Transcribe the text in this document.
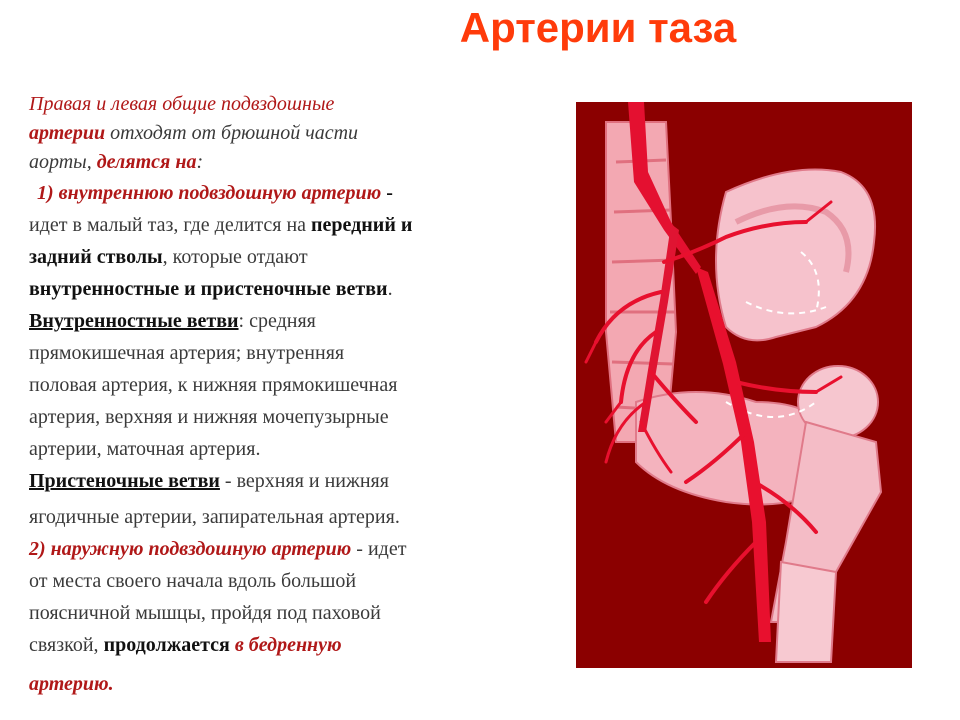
Артерии таза
Правая и левая общие подвздошные
артерии отходят от брюшной части
аорты, делятся на:
1) внутреннюю подвздошную артерию -
идет в малый таз, где делится на передний и
задний стволы, которые отдают
внутренностные и пристеночные ветви.
Внутренностные ветви: средняя
прямокишечная артерия; внутренняя
половая артерия, к нижняя прямокишечная
артерия, верхняя и нижняя мочепузырные
артерии, маточная артерия.
Пристеночные ветви - верхняя и нижняя
ягодичные артерии, запирательная артерия.
2) наружную подвздошную артерию - идет
от места своего начала вдоль большой
поясничной мышцы, пройдя под паховой
связкой, продолжается в бедренную
артерию.
